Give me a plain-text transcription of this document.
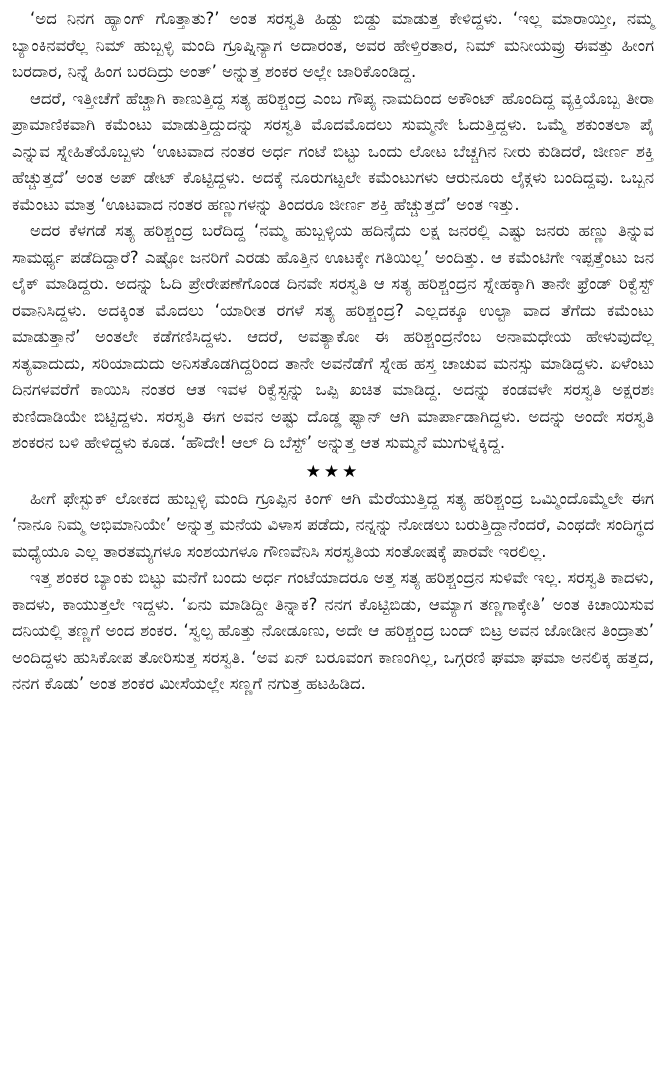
‘ಅದ ನಿನಗ ಹ್ಯಾಂಗ್ ಗೊತ್ತಾತು?’ ಅಂತ ಸರಸ್ವತಿ ಹಿಡ್ದು ಬಿಡ್ದು ಮಾಡುತ್ತ ಕೇಳಿದ್ದಳು. ‘ಇಲ್ಲ ಮಾರಾಯ್ತೀ, ನಮ್ಮ ಬ್ಯಾಂಕಿನವರೆಲ್ಲ ನಿಮ್ ಹುಬ್ಬಳ್ಳಿ ಮಂದಿ ಗ್ರೂಪ್ನಿನ್ಯಾಗ ಅದಾರಂತ, ಅವರ ಹೇಳ್ತಿರತಾರ, ನಿಮ್ ಮನೀಯವ್ರು ಈವತ್ತು ಹೀಂಗ ಬರದಾರ, ನಿನ್ನೆ ಹಿಂಗ ಬರದಿದ್ರು ಅಂತ್’ ಅನ್ನುತ್ತ ಶಂಕರ ಅಲ್ಲೇ ಜಾರಿಕೊಂಡಿದ್ದ.

ಆದರೆ, ಇತ್ತೀಚೆಗೆ ಹೆಚ್ಚಾಗಿ ಕಾಣುತ್ತಿದ್ದ ಸತ್ಯ ಹರಿಶ್ಚಂದ್ರ ಎಂಬ ಗೌಪ್ಯ ನಾಮದಿಂದ ಅಕೌಂಟ್ ಹೊಂದಿದ್ದ ವ್ಯಕ್ತಿಯೊಬ್ಬ ತೀರಾ ಪ್ರಾಮಾಣಿಕವಾಗಿ ಕಮೆಂಟು ಮಾಡುತ್ತಿದ್ದುದನ್ನು ಸರಸ್ವತಿ ಮೊದಮೊದಲು ಸುಮ್ಮನೇ ಓದುತ್ತಿದ್ದಳು. ಒಮ್ಮೆ ಶಕುಂತಲಾ ಪೈ ಎನ್ನುವ ಸ್ನೇಹಿತೆಯೊಬ್ಬಳು ‘ಊಟವಾದ ನಂತರ ಅರ್ಧ ಗಂಟೆ ಬಿಟ್ಟು ಒಂದು ಲೋಟ ಬೆಚ್ಚಗಿನ ನೀರು ಕುಡಿದರೆ, ಜೀರ್ಣ ಶಕ್ತಿ ಹೆಚ್ಚುತ್ತದೆ’ ಅಂತ ಅಪ್ ಡೇಟ್ ಕೊಟ್ಟಿದ್ದಳು. ಅದಕ್ಕೆ ನೂರುಗಟ್ಟಲೇ ಕಮೆಂಟುಗಳು ಆರುನೂರು ಲೈಕ್ಗಳು ಬಂದಿದ್ದವು. ಒಬ್ಬನ ಕಮೆಂಟು ಮಾತ್ರ ‘ಊಟವಾದ ನಂತರ ಹಣ್ಣುಗಳನ್ನು ತಿಂದರೂ ಜೀರ್ಣ ಶಕ್ತಿ ಹೆಚ್ಚುತ್ತದೆ’ ಅಂತ ಇತ್ತು.

ಅದರ ಕೆಳಗಡೆ ಸತ್ಯ ಹರಿಶ್ಚಂದ್ರ ಬರೆದಿದ್ದ ‘ನಮ್ಮ ಹುಬ್ಬಳ್ಳಿಯ ಹದಿನೈದು ಲಕ್ಷ ಜನರಲ್ಲಿ ಎಷ್ಟು ಜನರು ಹಣ್ಣು ತಿನ್ನುವ ಸಾಮರ್ಥ್ಯ ಪಡೆದಿದ್ದಾರೆ? ಎಷ್ಟೋ ಜನರಿಗೆ ಎರಡು ಹೊತ್ತಿನ ಊಟಕ್ಕೇ ಗತಿಯಿಲ್ಲ’ ಅಂದಿತ್ತು. ಆ ಕಮೆಂಟಿಗೇ ಇಪ್ಪತ್ತೆಂಟು ಜನ ಲೈಕ್ ಮಾಡಿದ್ದರು. ಅದನ್ನು ಓದಿ ಪ್ರೇರೇಪಣೆಗೊಂಡ ದಿನವೇ ಸರಸ್ವತಿ ಆ ಸತ್ಯ ಹರಿಶ್ಚಂದ್ರನ ಸ್ನೇಹಕ್ಕಾಗಿ ತಾನೇ ಫ್ರೆಂಡ್ ರಿಕ್ವೆಸ್ಟ್ ರವಾನಿಸಿದ್ದಳು. ಅದಕ್ಕಿಂತ ಮೊದಲು ‘ಯಾರೀತ ರಗಳೆ ಸತ್ಯ ಹರಿಶ್ಚಂದ್ರ? ಎಲ್ಲದಕ್ಕೂ ಉಲ್ಟಾ ವಾದ ತೆಗೆದು ಕಮೆಂಟು ಮಾಡುತ್ತಾನೆ’ ಅಂತಲೇ ಕಡೆಗಣಿಸಿದ್ದಳು. ಆದರೆ, ಅವತ್ಯಾಕೋ ಈ ಹರಿಶ್ಚಂದ್ರನೆಂಬ ಅನಾಮಧೇಯ ಹೇಳುವುದೆಲ್ಲ ಸತ್ಯವಾದುದು, ಸರಿಯಾದುದು ಅನಿಸತೊಡಗಿದ್ದರಿಂದ ತಾನೇ ಅವನೆಡೆಗೆ ಸ್ನೇಹ ಹಸ್ತ ಚಾಚುವ ಮನಸ್ಸು ಮಾಡಿದ್ದಳು. ಏಳೆಂಟು ದಿನಗಳವರೆಗೆ ಕಾಯಿಸಿ ನಂತರ ಆತ ಇವಳ ರಿಕ್ವೆಸ್ಟನ್ನು ಒಪ್ಪಿ ಖಚಿತ ಮಾಡಿದ್ದ. ಅದನ್ನು ಕಂಡವಳೇ ಸರಸ್ವತಿ ಅಕ್ಷರಶಃ ಕುಣಿದಾಡಿಯೇ ಬಿಟ್ಟಿದ್ದಳು. ಸರಸ್ವತಿ ಈಗ ಅವನ ಅಷ್ಟು ದೊಡ್ಡ ಫ್ಯಾನ್ ಆಗಿ ಮಾರ್ಪಾಡಾಗಿದ್ದಳು. ಅದನ್ನು ಅಂದೇ ಸರಸ್ವತಿ ಶಂಕರನ ಬಳಿ ಹೇಳಿದ್ದಳು ಕೂಡ. ‘ಹೌದೇ! ಆಲ್ ದಿ ಬೆಸ್ಟ್’ ಅನ್ನುತ್ತ ಆತ ಸುಮ್ಮನೆ ಮುಗುಳ್ನಕ್ಕಿದ್ದ.

★★★

ಹೀಗೆ ಫೇಸ್ಬುಕ್ ಲೋಕದ ಹುಬ್ಬಳ್ಳಿ ಮಂದಿ ಗ್ರೂಪ್ಪಿನ ಕಿಂಗ್ ಆಗಿ ಮೆರೆಯುತ್ತಿದ್ದ ಸತ್ಯ ಹರಿಶ್ಚಂದ್ರ ಒಮ್ಮಿಂದೊಮ್ಮೆಲೇ ಈಗ ‘ನಾನೂ ನಿಮ್ಮ ಅಭಿಮಾನಿಯೇ’ ಅನ್ನುತ್ತ ಮನೆಯ ವಿಳಾಸ ಪಡೆದು, ನನ್ನನ್ನು ನೋಡಲು ಬರುತ್ತಿದ್ದಾನೆಂದರೆ, ಎಂಥದೇ ಸಂದಿಗ್ಧದ ಮಧ್ಯೆಯೂ ಎಲ್ಲ ತಾರತಮ್ಯಗಳೂ ಸಂಶಯಗಳೂ ಗೌಣವೆನಿಸಿ ಸರಸ್ವತಿಯ ಸಂತೋಷಕ್ಕೆ ಪಾರವೇ ಇರಲಿಲ್ಲ.

ಇತ್ತ ಶಂಕರ ಬ್ಯಾಂಕು ಬಿಟ್ಟು ಮನೆಗೆ ಬಂದು ಅರ್ಧ ಗಂಟೆಯಾದರೂ ಅತ್ತ ಸತ್ಯ ಹರಿಶ್ಚಂದ್ರನ ಸುಳಿವೇ ಇಲ್ಲ. ಸರಸ್ವತಿ ಕಾದಳು, ಕಾದಳು, ಕಾಯುತ್ತಲೇ ಇದ್ದಳು. ‘ಏನು ಮಾಡಿದ್ದೀ ತಿನ್ನಾಕ? ನನಗ ಕೊಟ್ಟಿಬಿಡು, ಆಮ್ಯಾಗ ತಣ್ಣಗಾಕ್ಕೇತಿ’ ಅಂತ ಕಿಚಾಯಿಸುವ ದನಿಯಲ್ಲಿ ತಣ್ಣಗೆ ಅಂದ ಶಂಕರ. ‘ಸ್ವಲ್ಪ ಹೊತ್ತು ನೋಡೂಣು, ಅದೇ ಆ ಹರಿಶ್ಚಂದ್ರ ಬಂದ್ ಬಿಟ್ರ ಅವನ ಜೋಡೀನ ತಿಂದ್ರಾತು’ ಅಂದಿದ್ದಳು ಹುಸಿಕೋಪ ತೋರಿಸುತ್ತ ಸರಸ್ವತಿ. ‘ಅವ ಏನ್ ಬರೂವಂಗ ಕಾಣಂಗಿಲ್ಲ, ಒಗ್ಗರಣಿ ಘಮಾ ಘಮಾ ಅನಲಿಕ್ಕ ಹತ್ತದ, ನನಗ ಕೊಡು’ ಅಂತ ಶಂಕರ ಮೀಸೆಯಲ್ಲೇ ಸಣ್ಣಗೆ ನಗುತ್ತ ಹಟಹಿಡಿದ.
